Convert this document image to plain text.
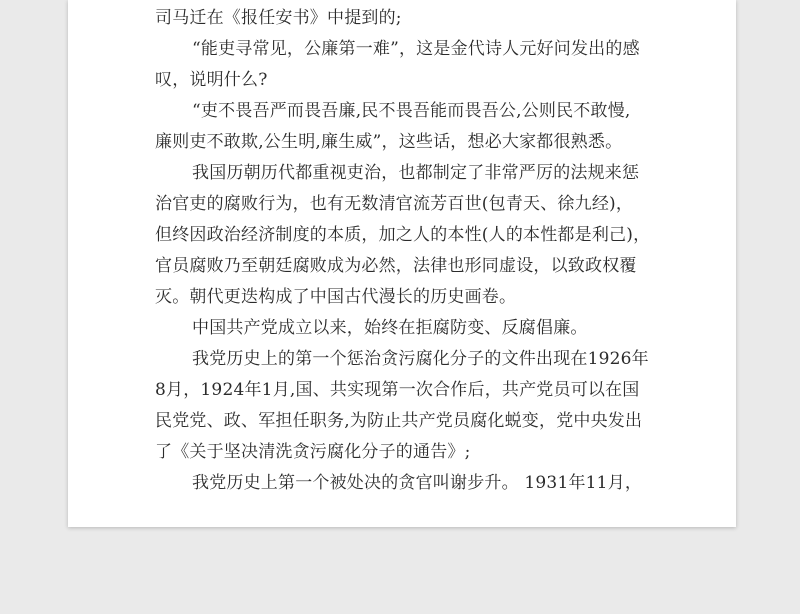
司马迁在《报任安书》中提到的;
“能吏寻常见，公廉第一难”，这是金代诗人元好问发出的感
叹，说明什么?
“吏不畏吾严而畏吾廉,民不畏吾能而畏吾公,公则民不敢慢,
廉则吏不敢欺,公生明,廉生威”，这些话，想必大家都很熟悉。
我国历朝历代都重视吏治，也都制定了非常严厉的法规来惩
治官吏的腐败行为，也有无数清官流芳百世(包青天、徐九经)，
但终因政治经济制度的本质，加之人的本性(人的本性都是利己)，
官员腐败乃至朝廷腐败成为必然，法律也形同虚设，以致政权覆
灭。朝代更迭构成了中国古代漫长的历史画卷。
中国共产党成立以来，始终在拒腐防变、反腐倡廉。
我党历史上的第一个惩治贪污腐化分子的文件出现在1926年
8月，1924年1月,国、共实现第一次合作后，共产党员可以在国
民党党、政、军担任职务,为防止共产党员腐化蜕变，党中央发出
了《关于坚决清洗贪污腐化分子的通告》;
我党历史上第一个被处决的贪官叫谢步升。 1931年11月，
